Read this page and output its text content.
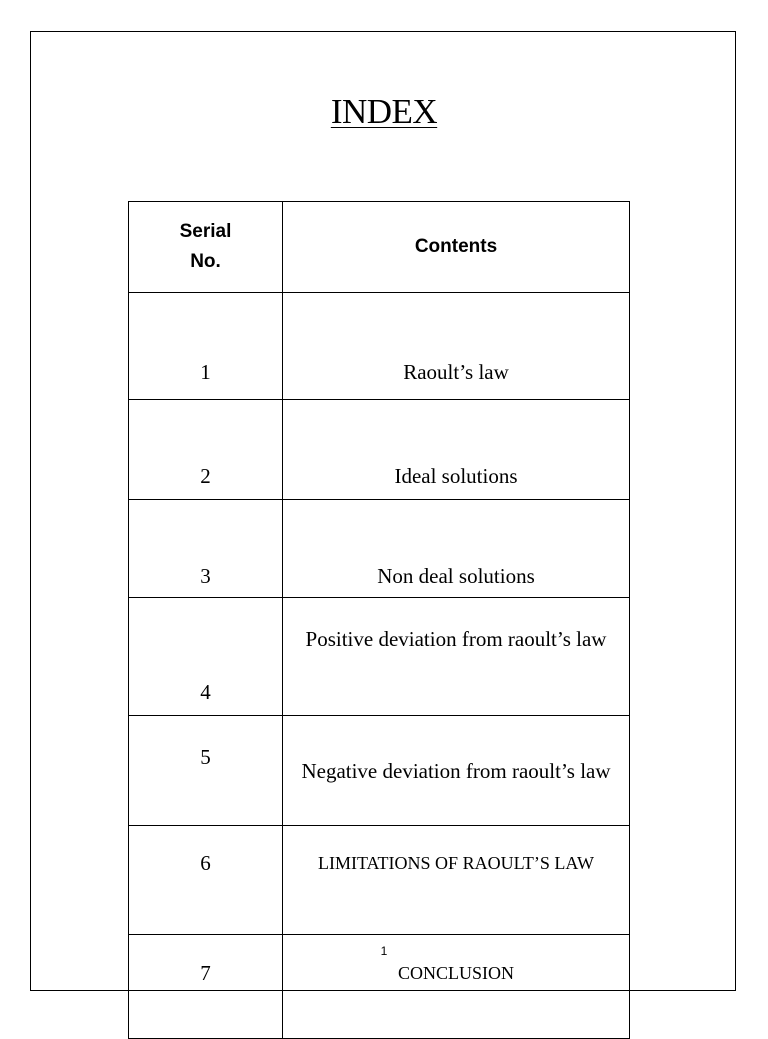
INDEX
Serial No.	Contents
1	Raoult’s law
2	Ideal solutions
3	Non deal solutions
4	Positive deviation from raoult’s law
5	Negative deviation from raoult’s law

6	LIMITATIONS OF RAOULT’S LAW
7	CONCLUSION
1
